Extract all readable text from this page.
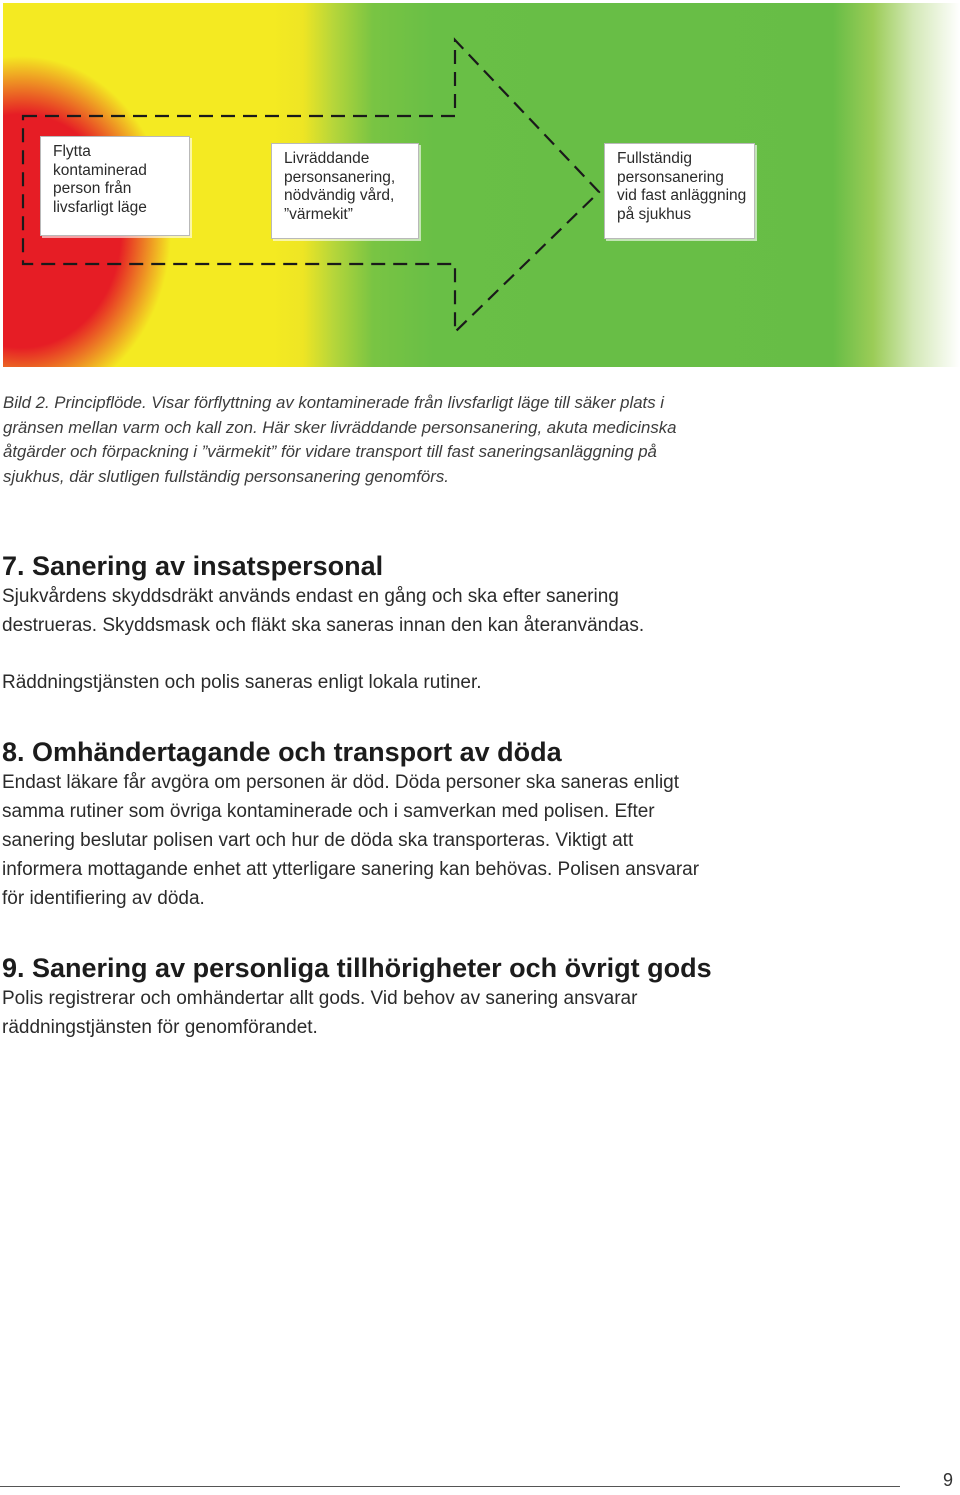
Flytta
kontaminerad
person från
livsfarligt läge
Livräddande
personsanering,
nödvändig vård,
”värmekit”
Fullständig
personsanering
vid fast anläggning
på sjukhus

Bild 2. Principflöde. Visar förflyttning av kontaminerade från livsfarligt läge till säker plats i
gränsen mellan varm och kall zon. Här sker livräddande personsanering, akuta medicinska
åtgärder och förpackning i ”värmekit” för vidare transport till fast saneringsanläggning på
sjukhus, där slutligen fullständig personsanering genomförs.

7. Sanering av insatspersonal

Sjukvårdens skyddsdräkt används endast en gång och ska efter sanering
destrueras. Skyddsmask och fläkt ska saneras innan den kan återanvändas.

Räddningstjänsten och polis saneras enligt lokala rutiner.

8. Omhändertagande och transport av döda

Endast läkare får avgöra om personen är död. Döda personer ska saneras enligt
samma rutiner som övriga kontaminerade och i samverkan med polisen. Efter
sanering beslutar polisen vart och hur de döda ska transporteras. Viktigt att
informera mottagande enhet att ytterligare sanering kan behövas. Polisen ansvarar
för identifiering av döda.

9. Sanering av personliga tillhörigheter och övrigt gods

Polis registrerar och omhändertar allt gods. Vid behov av sanering ansvarar
räddningstjänsten för genomförandet.

9
